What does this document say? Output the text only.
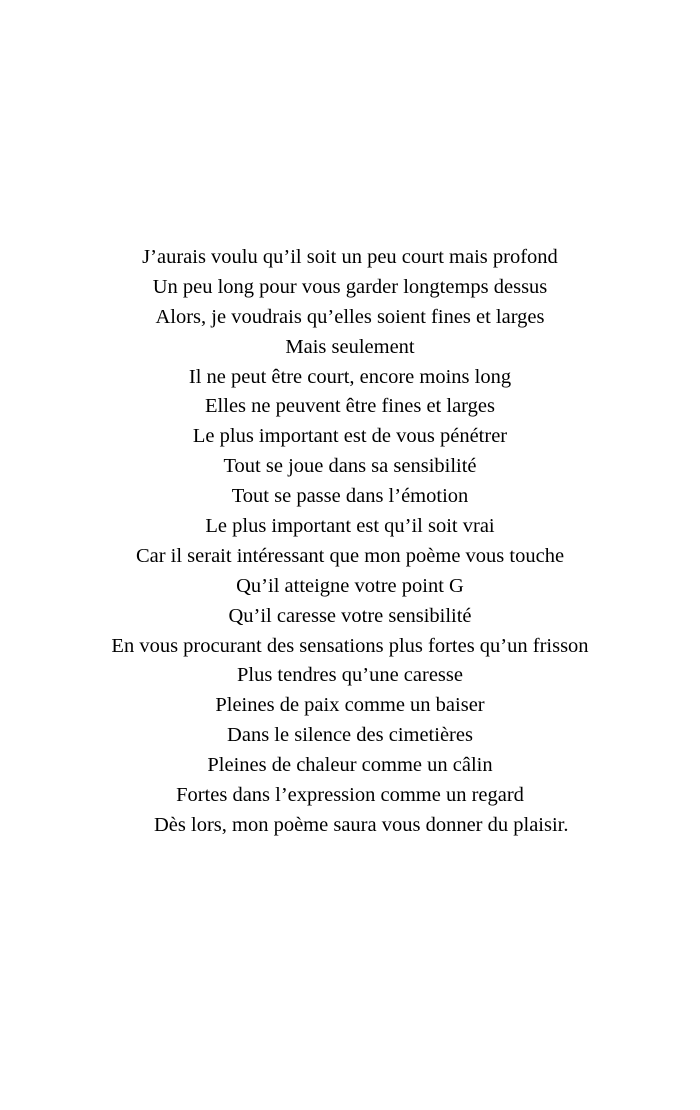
J’aurais voulu qu’il soit un peu court mais profond
Un peu long pour vous garder longtemps dessus
Alors, je voudrais qu’elles soient fines et larges
Mais seulement
Il ne peut être court, encore moins long
Elles ne peuvent être fines et larges
Le plus important est de vous pénétrer
Tout se joue dans sa sensibilité
Tout se passe dans l’émotion
Le plus important est qu’il soit vrai
Car il serait intéressant que mon poème vous touche
Qu’il atteigne votre point G
Qu’il caresse votre sensibilité
En vous procurant des sensations plus fortes qu’un frisson
Plus tendres qu’une caresse
Pleines de paix comme un baiser
Dans le silence des cimetières
Pleines de chaleur comme un câlin
Fortes dans l’expression comme un regard
Dès lors, mon poème saura vous donner du plaisir.
